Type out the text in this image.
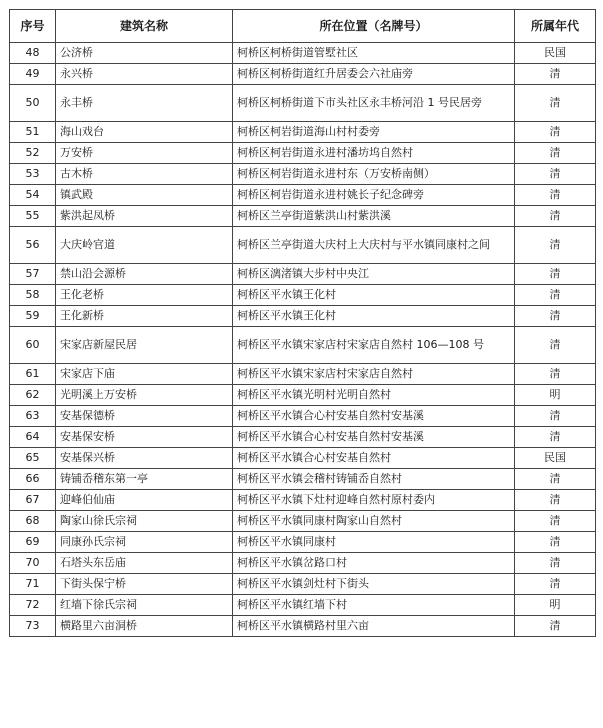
序号	建筑名称	所在位置（名牌号）	所属年代
48	公济桥	柯桥区柯桥街道管墅社区	民国
49	永兴桥	柯桥区柯桥街道红升居委会六社庙旁	清
50	永丰桥	柯桥区柯桥街道下市头社区永丰桥河沿 1 号民居旁	清
51	海山戏台	柯桥区柯岩街道海山村村委旁	清
52	万安桥	柯桥区柯岩街道永进村潘坊坞自然村	清
53	古木桥	柯桥区柯岩街道永进村东（万安桥南侧）	清
54	镇武殿	柯桥区柯岩街道永进村姚长子纪念碑旁	清
55	紫洪起凤桥	柯桥区兰亭街道紫洪山村紫洪溪	清
56	大庆岭官道	柯桥区兰亭街道大庆村上大庆村与平水镇同康村之间	清
57	禁山沿会源桥	柯桥区漓渚镇大步村中央江	清
58	王化老桥	柯桥区平水镇王化村	清
59	王化新桥	柯桥区平水镇王化村	清
60	宋家店新屋民居	柯桥区平水镇宋家店村宋家店自然村 106—108 号	清
61	宋家店下庙	柯桥区平水镇宋家店村宋家店自然村	清
62	光明溪上万安桥	柯桥区平水镇光明村光明自然村	明
63	安基保德桥	柯桥区平水镇合心村安基自然村安基溪	清
64	安基保安桥	柯桥区平水镇合心村安基自然村安基溪	清
65	安基保兴桥	柯桥区平水镇合心村安基自然村	民国
66	铸铺岙稽东第一亭	柯桥区平水镇会稽村铸铺岙自然村	清
67	迎峰伯仙庙	柯桥区平水镇下灶村迎峰自然村原村委内	清
68	陶家山徐氏宗祠	柯桥区平水镇同康村陶家山自然村	清
69	同康孙氏宗祠	柯桥区平水镇同康村	清
70	石塔头东岳庙	柯桥区平水镇岔路口村	清
71	下街头保宁桥	柯桥区平水镇剑灶村下街头	清
72	红墙下徐氏宗祠	柯桥区平水镇红墙下村	明
73	横路里六亩洞桥	柯桥区平水镇横路村里六亩	清
